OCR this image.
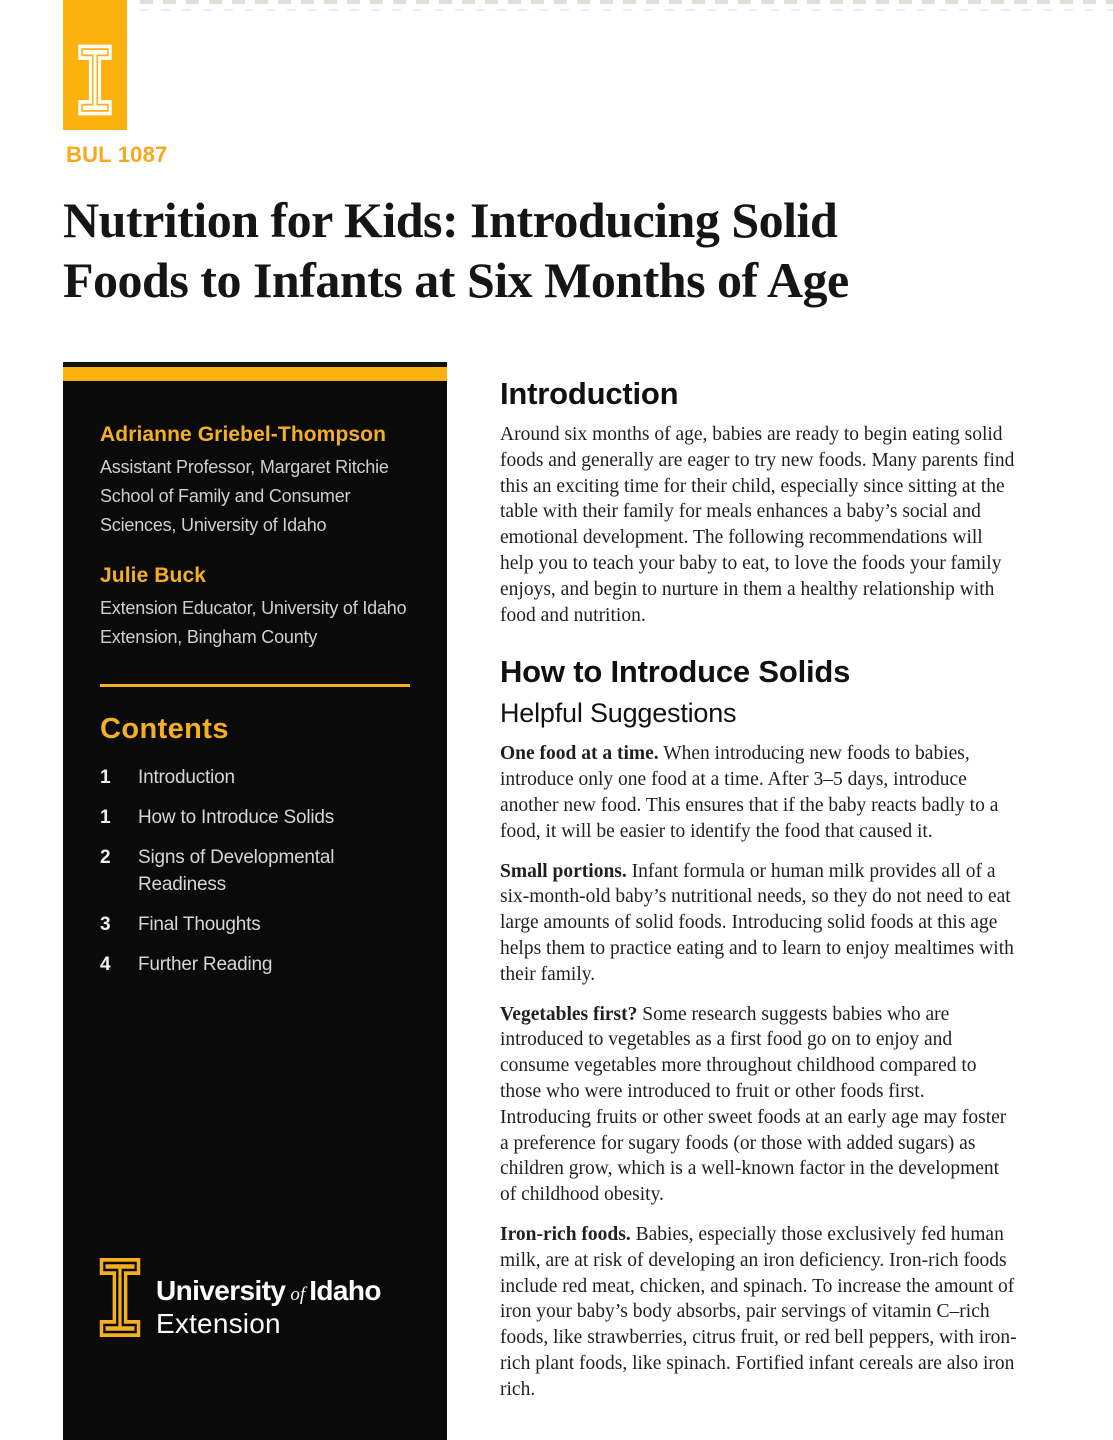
BUL 1087
Nutrition for Kids: Introducing Solid
Foods to Infants at Six Months of Age
Adrianne Griebel-Thompson
Assistant Professor, Margaret Ritchie School of Family and Consumer Sciences, University of Idaho
Julie Buck
Extension Educator, University of Idaho Extension, Bingham County
Contents
1	Introduction
1	How to Introduce Solids
2	Signs of Developmental Readiness
3	Final Thoughts
4	Further Reading
University of Idaho
Extension
Introduction

Around six months of age, babies are ready to begin eating solid foods and generally are eager to try new foods. Many parents find this an exciting time for their child, especially since sitting at the table with their family for meals enhances a baby’s social and emotional development. The following recommendations will help you to teach your baby to eat, to love the foods your family enjoys, and begin to nurture in them a healthy relationship with food and nutrition.

How to Introduce Solids
Helpful Suggestions

One food at a time. When introducing new foods to babies, introduce only one food at a time. After 3–5 days, introduce another new food. This ensures that if the baby reacts badly to a food, it will be easier to identify the food that caused it.

Small portions. Infant formula or human milk provides all of a six-month-old baby’s nutritional needs, so they do not need to eat large amounts of solid foods. Introducing solid foods at this age helps them to practice eating and to learn to enjoy mealtimes with their family.

Vegetables first? Some research suggests babies who are introduced to vegetables as a first food go on to enjoy and consume vegetables more throughout childhood compared to those who were introduced to fruit or other foods first. Introducing fruits or other sweet foods at an early age may foster a preference for sugary foods (or those with added sugars) as children grow, which is a well-known factor in the development of childhood obesity.

Iron-rich foods. Babies, especially those exclusively fed human milk, are at risk of developing an iron deficiency. Iron-rich foods include red meat, chicken, and spinach. To increase the amount of iron your baby’s body absorbs, pair servings of vitamin C–rich foods, like strawberries, citrus fruit, or red bell peppers, with iron-rich plant foods, like spinach. Fortified infant cereals are also iron rich.
